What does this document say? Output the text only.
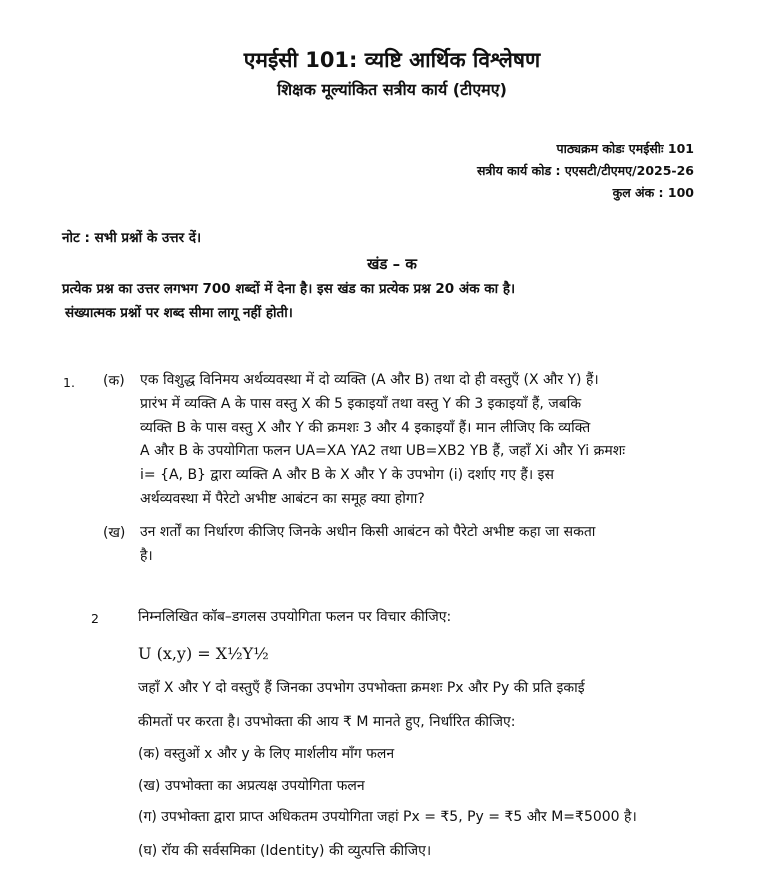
एमईसी 101: व्यष्टि आर्थिक विश्लेषण
शिक्षक मूल्यांकित सत्रीय कार्य (टीएमए)
पाठ्यक्रम कोडः एमईसीः 101
सत्रीय कार्य कोड : एएसटी/टीएमए/2025-26
कुल अंक : 100
नोट : सभी प्रश्नों के उत्तर दें।
खंड – क
प्रत्येक प्रश्न का उत्तर लगभग 700 शब्दों में देना है। इस खंड का प्रत्येक प्रश्न 20 अंक का है।
संख्यात्मक प्रश्नों पर शब्द सीमा लागू नहीं होती।
1. (क) एक विशुद्ध विनिमय अर्थव्यवस्था में दो व्यक्ति (A और B) तथा दो ही वस्तुएँ (X और Y) हैं।
प्रारंभ में व्यक्ति A के पास वस्तु X की 5 इकाइयाँ तथा वस्तु Y की 3 इकाइयाँ हैं, जबकि
व्यक्ति B के पास वस्तु X और Y की क्रमशः 3 और 4 इकाइयाँ हैं। मान लीजिए कि व्यक्ति
A और B के उपयोगिता फलन UA=XA YA2 तथा UB=XB2 YB हैं, जहाँ Xi और Yi क्रमशः
i= {A, B} द्वारा व्यक्ति A और B के X और Y के उपभोग (i) दर्शाए गए हैं। इस
अर्थव्यवस्था में पैरेटो अभीष्ट आबंटन का समूह क्या होगा?
(ख) उन शर्तों का निर्धारण कीजिए जिनके अधीन किसी आबंटन को पैरेटो अभीष्ट कहा जा सकता
है।
2	निम्नलिखित कॉब–डगलस उपयोगिता फलन पर विचार कीजिए:
U (x,y) = X½Y½
जहाँ X और Y दो वस्तुएँ हैं जिनका उपभोग उपभोक्ता क्रमशः Px और Py की प्रति इकाई
कीमतों पर करता है। उपभोक्ता की आय ₹ M मानते हुए, निर्धारित कीजिए:
(क) वस्तुओं x और y के लिए मार्शलीय माँग फलन
(ख) उपभोक्ता का अप्रत्यक्ष उपयोगिता फलन
(ग) उपभोक्ता द्वारा प्राप्त अधिकतम उपयोगिता जहां Px = ₹5, Py = ₹5 और M=₹5000 है।
(घ) रॉय की सर्वसमिका (Identity) की व्युत्पत्ति कीजिए।
